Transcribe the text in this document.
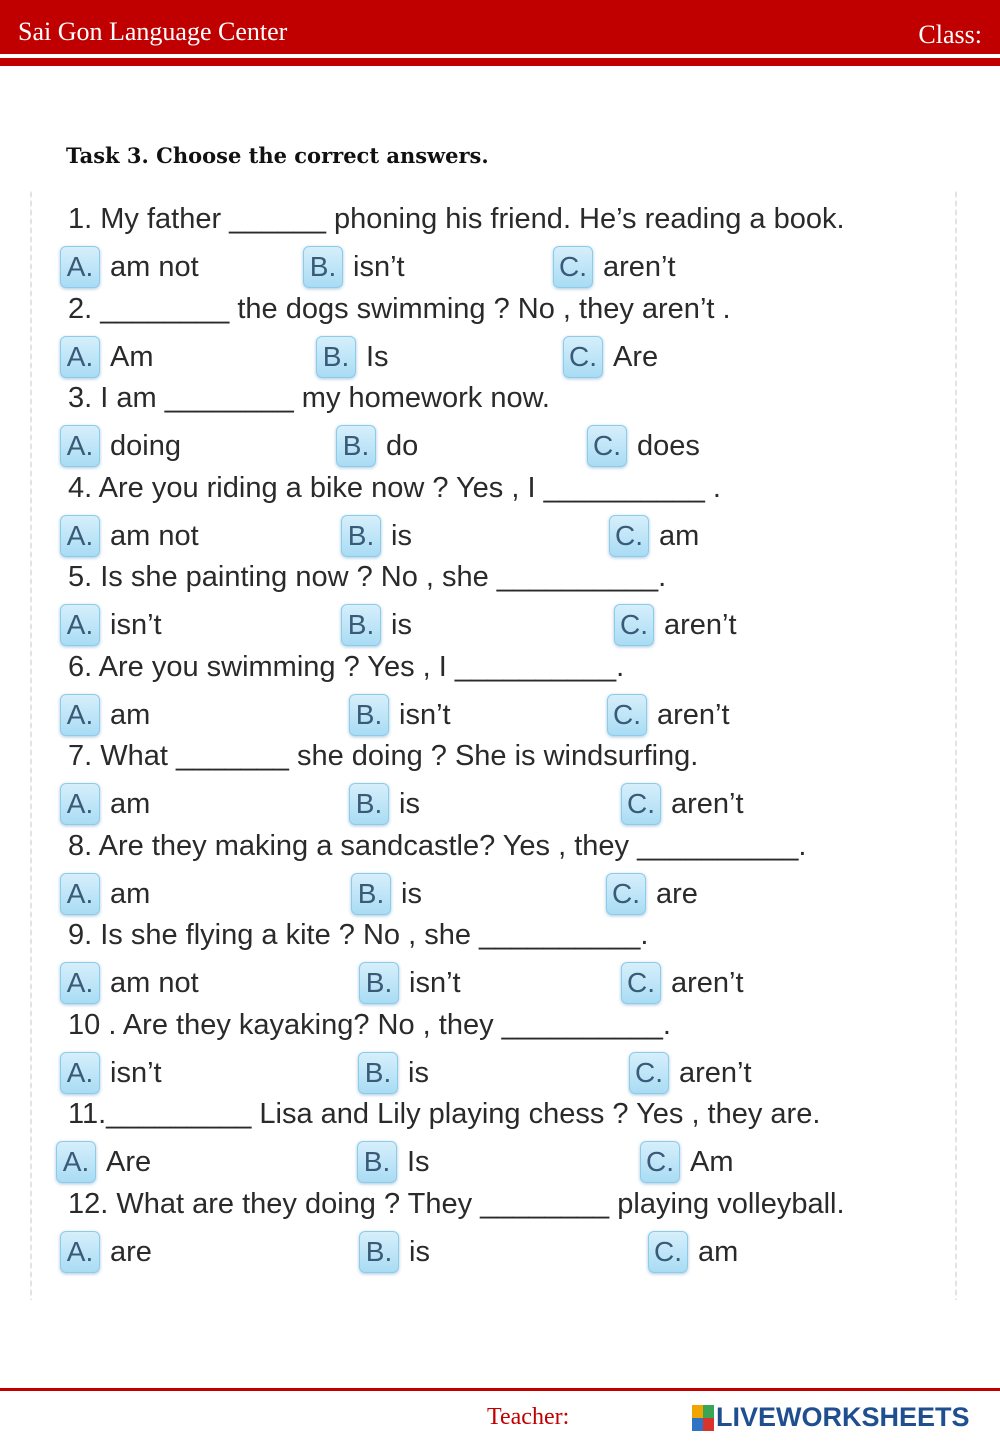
Sai Gon Language Center	Class:
Task 3. Choose the correct answers.
1. My father ______ phoning his friend. He’s reading a book.
A. am not	B. isn’t	C. aren’t
2. ________ the dogs swimming ? No , they aren’t .
A. Am	B. Is	C. Are
3. I am ________ my homework now.
A. doing	B. do	C. does
4. Are you riding a bike now ? Yes , I __________ .
A. am not	B. is	C. am
5. Is she painting now ? No , she __________.
A. isn’t	B. is	C. aren’t
6. Are you swimming ? Yes , I __________.
A. am	B. isn’t	C. aren’t
7. What _______ she doing ? She is windsurfing.
A. am	B. is	C. aren’t
8. Are they making a sandcastle? Yes , they __________.
A. am	B. is	C. are
9. Is she flying a kite ? No , she __________.
A. am not	B. isn’t	C. aren’t
10 . Are they kayaking? No , they __________.
A. isn’t	B. is	C. aren’t
11._________ Lisa and Lily playing chess ? Yes , they are.
A. Are	B. Is	C. Am
12. What are they doing ? They ________ playing volleyball.
A. are	B. is	C. am
Teacher:	LIVEWORKSHEETS
